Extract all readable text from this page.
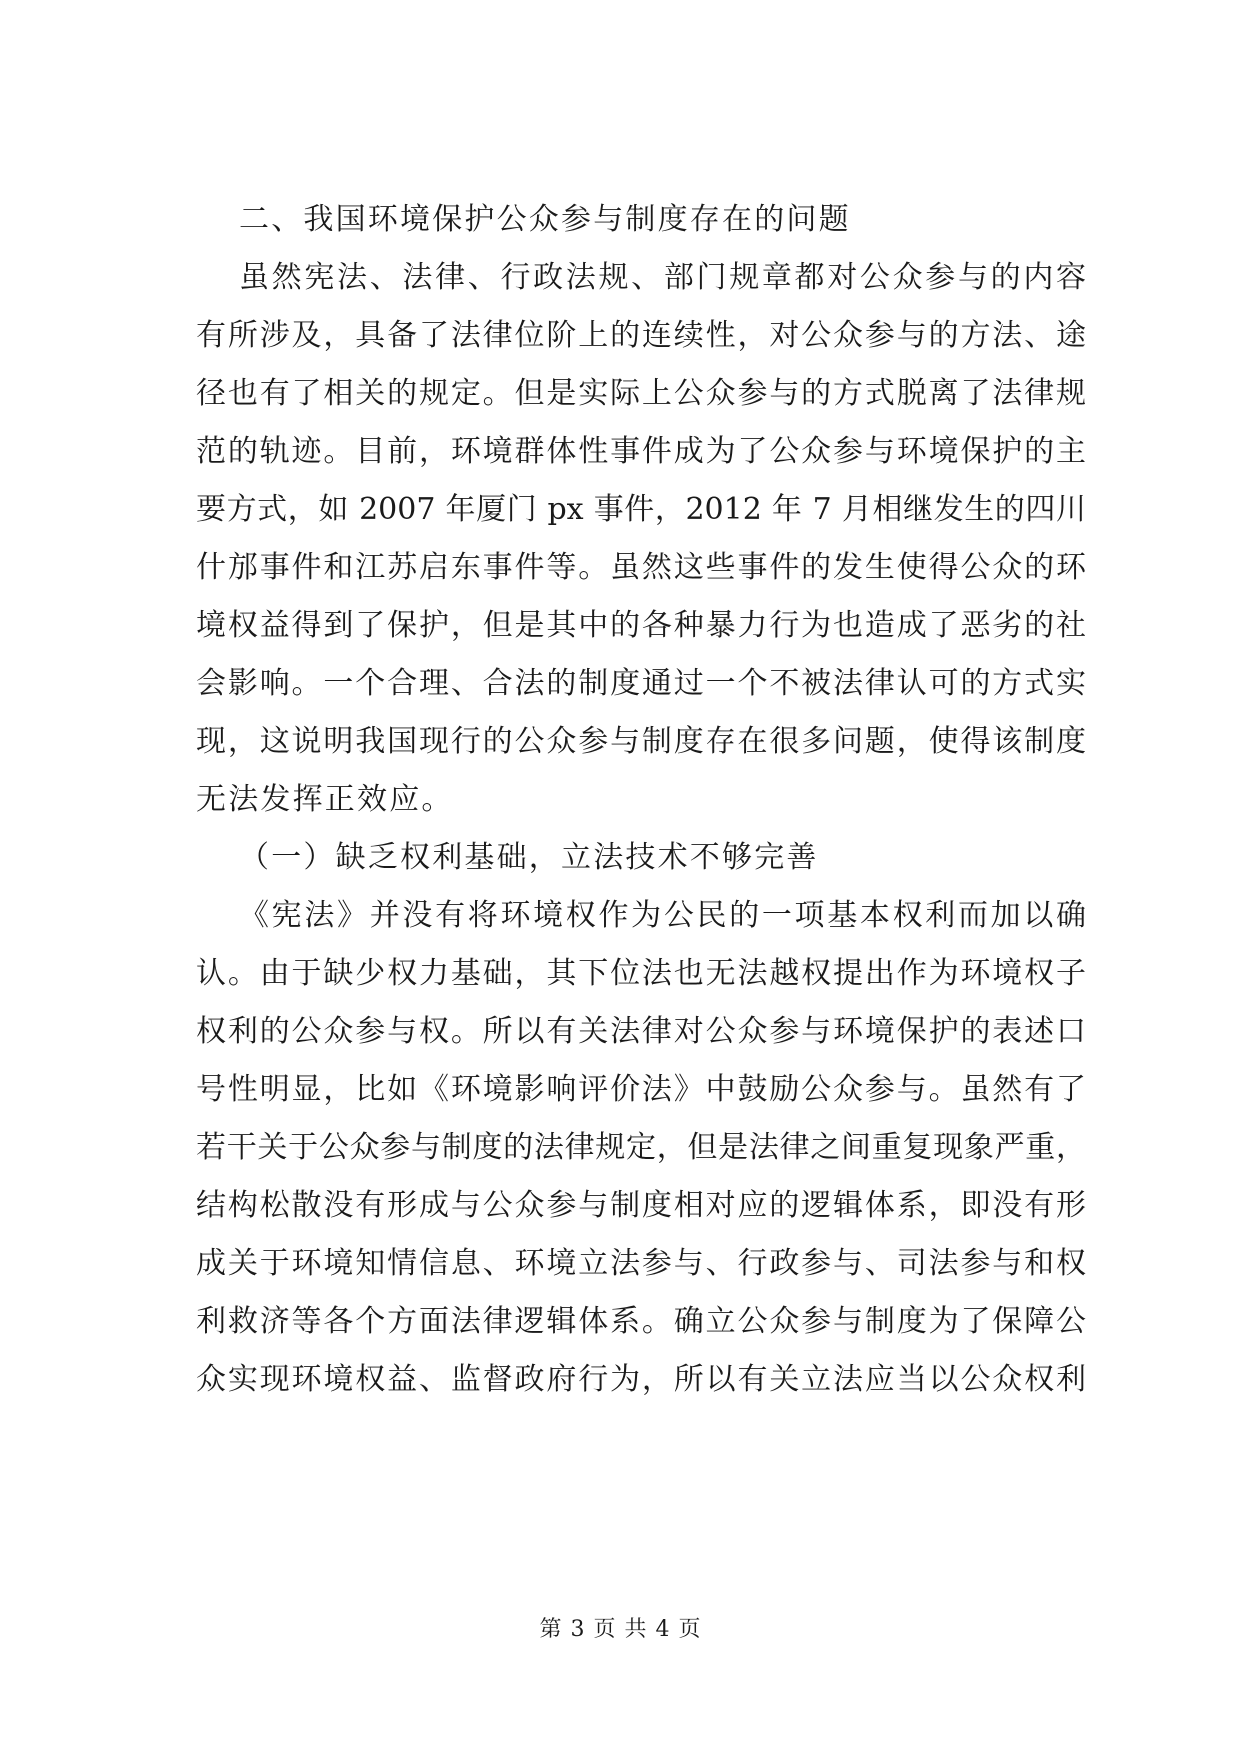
二、我国环境保护公众参与制度存在的问题
虽然宪法、法律、行政法规、部门规章都对公众参与的内容
有所涉及，具备了法律位阶上的连续性，对公众参与的方法、途
径也有了相关的规定。但是实际上公众参与的方式脱离了法律规
范的轨迹。目前，环境群体性事件成为了公众参与环境保护的主
要方式，如 2007 年厦门 px 事件，2012 年 7 月相继发生的四川
什邡事件和江苏启东事件等。虽然这些事件的发生使得公众的环
境权益得到了保护，但是其中的各种暴力行为也造成了恶劣的社
会影响。一个合理、合法的制度通过一个不被法律认可的方式实
现，这说明我国现行的公众参与制度存在很多问题，使得该制度
无法发挥正效应。
（一）缺乏权利基础，立法技术不够完善
《宪法》并没有将环境权作为公民的一项基本权利而加以确
认。由于缺少权力基础，其下位法也无法越权提出作为环境权子
权利的公众参与权。所以有关法律对公众参与环境保护的表述口
号性明显，比如《环境影响评价法》中鼓励公众参与。虽然有了
若干关于公众参与制度的法律规定，但是法律之间重复现象严重，
结构松散没有形成与公众参与制度相对应的逻辑体系，即没有形
成关于环境知情信息、环境立法参与、行政参与、司法参与和权
利救济等各个方面法律逻辑体系。确立公众参与制度为了保障公
众实现环境权益、监督政府行为，所以有关立法应当以公众权利
第 3 页 共 4 页
